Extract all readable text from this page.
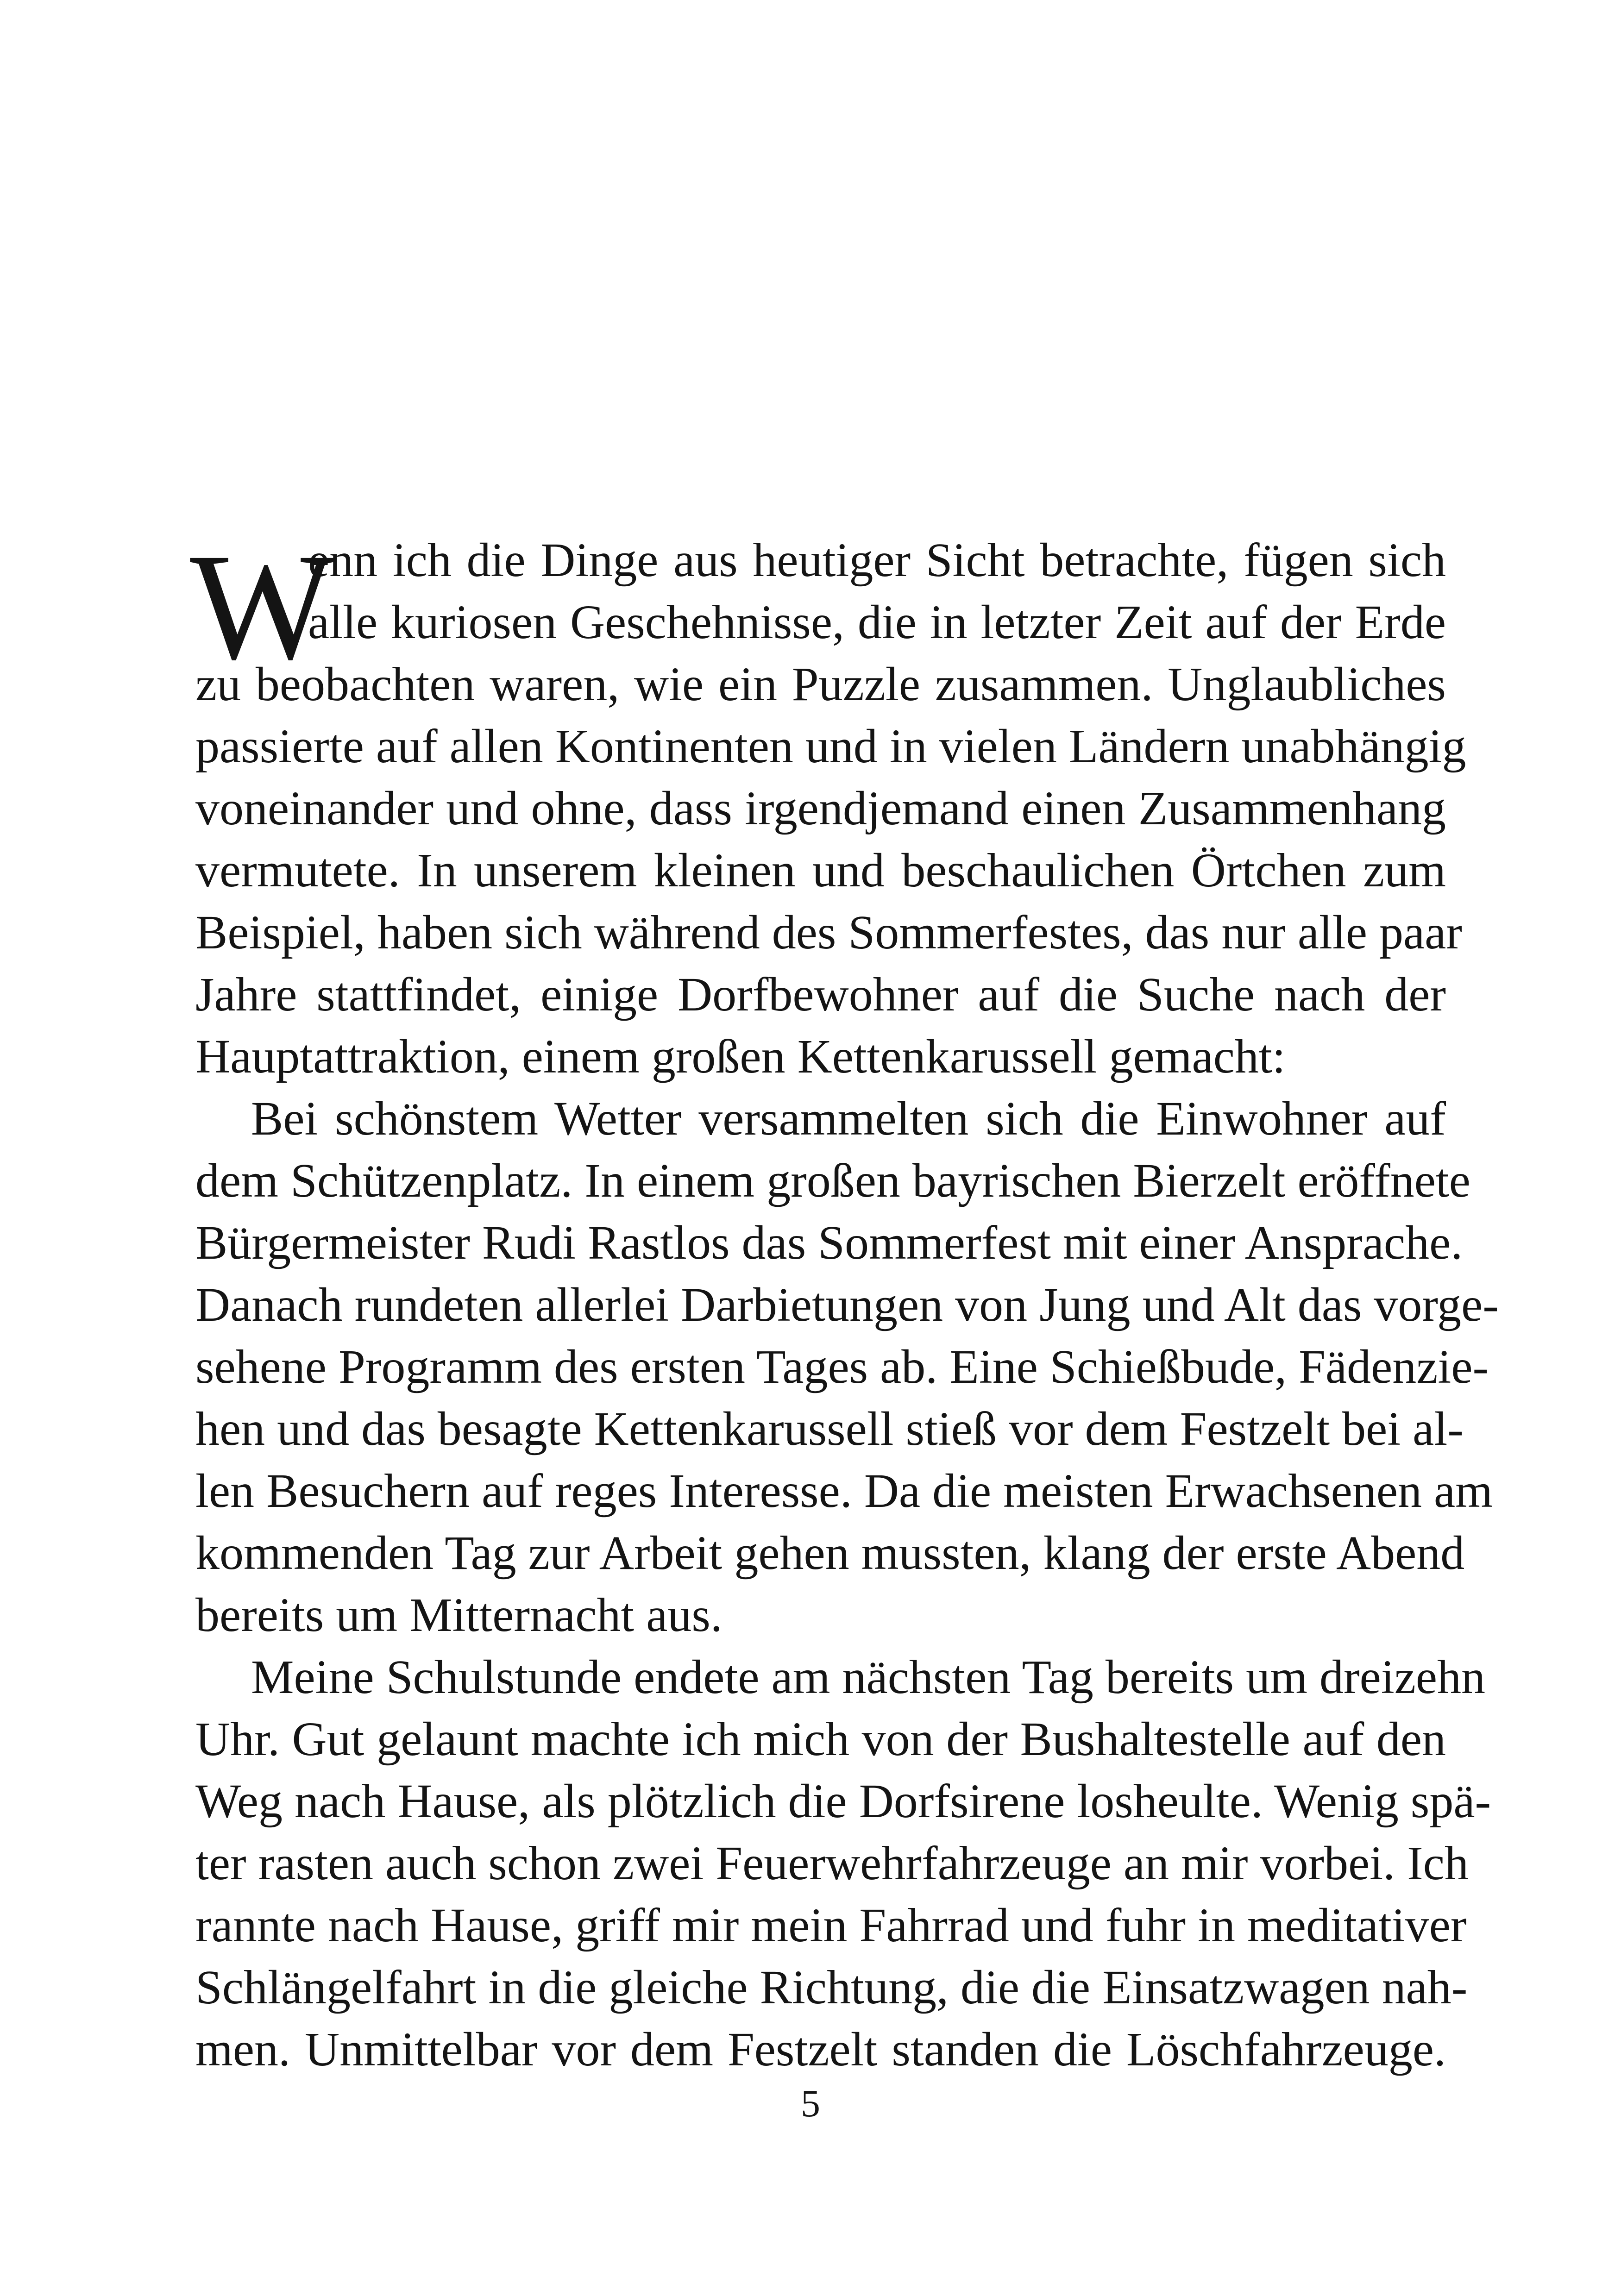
W
enn ich die Dinge aus heutiger Sicht betrachte, fügen sich
alle kuriosen Geschehnisse, die in letzter Zeit auf der Erde
zu beobachten waren, wie ein Puzzle zusammen. Unglaubliches
passierte auf allen Kontinenten und in vielen Ländern unabhängig
voneinander und ohne, dass irgendjemand einen Zusammenhang
vermutete. In unserem kleinen und beschaulichen Örtchen zum
Beispiel, haben sich während des Sommerfestes, das nur alle paar
Jahre stattfindet, einige Dorfbewohner auf die Suche nach der
Hauptattraktion, einem großen Kettenkarussell gemacht:
Bei schönstem Wetter versammelten sich die Einwohner auf
dem Schützenplatz. In einem großen bayrischen Bierzelt eröffnete
Bürgermeister Rudi Rastlos das Sommerfest mit einer Ansprache.
Danach rundeten allerlei Darbietungen von Jung und Alt das vorge-
sehene Programm des ersten Tages ab. Eine Schießbude, Fädenzie-
hen und das besagte Kettenkarussell stieß vor dem Festzelt bei al-
len Besuchern auf reges Interesse. Da die meisten Erwachsenen am
kommenden Tag zur Arbeit gehen mussten, klang der erste Abend
bereits um Mitternacht aus.
Meine Schulstunde endete am nächsten Tag bereits um dreizehn
Uhr. Gut gelaunt machte ich mich von der Bushaltestelle auf den
Weg nach Hause, als plötzlich die Dorfsirene losheulte. Wenig spä-
ter rasten auch schon zwei Feuerwehrfahrzeuge an mir vorbei. Ich
rannte nach Hause, griff mir mein Fahrrad und fuhr in meditativer
Schlängelfahrt in die gleiche Richtung, die die Einsatzwagen nah-
men. Unmittelbar vor dem Festzelt standen die Löschfahrzeuge.
5
